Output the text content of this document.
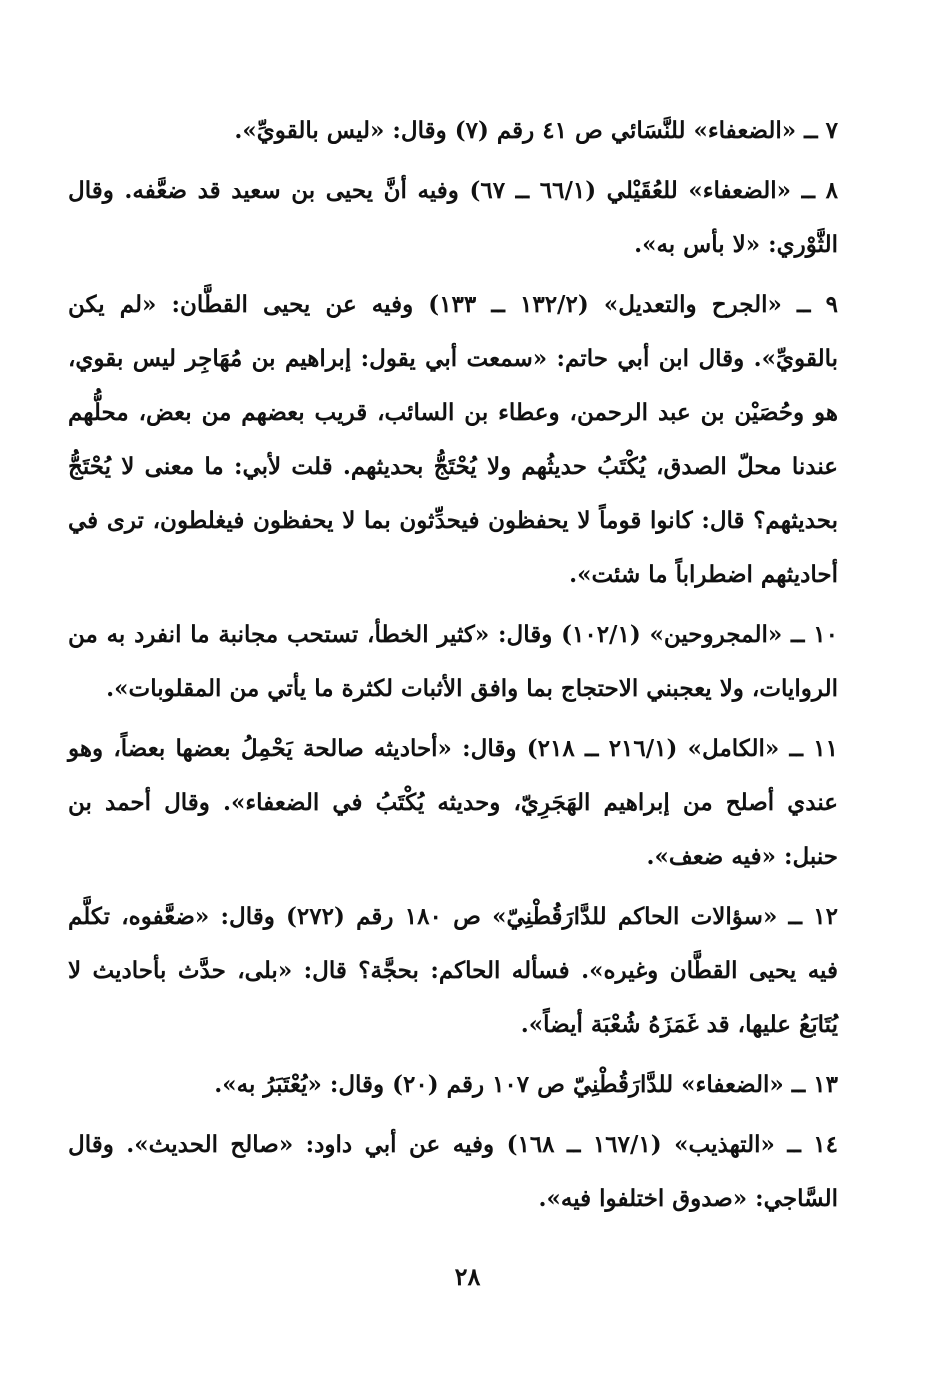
٧ ــ «الضعفاء» للنَّسَائي ص ٤١ رقم (٧) وقال: «ليس بالقويِّ».

٨ ــ «الضعفاء» للعُقَيْلي (٦٦/١ ــ ٦٧) وفيه أنَّ يحيى بن سعيد قد ضعَّفه. وقال الثَّوْري: «لا بأس به».

٩ ــ «الجرح والتعديل» (١٣٢/٢ ــ ١٣٣) وفيه عن يحيى القطَّان: «لم يكن بالقويِّ». وقال ابن أبي حاتم: «سمعت أبي يقول: إبراهيم بن مُهَاجِر ليس بقوي، هو وحُصَيْن بن عبد الرحمن، وعطاء بن السائب، قريب بعضهم من بعض، محلُّهم عندنا محلّ الصدق، يُكْتَبُ حديثُهم ولا يُحْتَجُّ بحديثهم. قلت لأبي: ما معنى لا يُحْتَجُّ بحديثهم؟ قال: كانوا قوماً لا يحفظون فيحدِّثون بما لا يحفظون فيغلطون، ترى في أحاديثهم اضطراباً ما شئت».

١٠ ــ «المجروحين» (١٠٢/١) وقال: «كثير الخطأ، تستحب مجانبة ما انفرد به من الروايات، ولا يعجبني الاحتجاج بما وافق الأثبات لكثرة ما يأتي من المقلوبات».

١١ ــ «الكامل» (٢١٦/١ ــ ٢١٨) وقال: «أحاديثه صالحة يَحْمِلُ بعضها بعضاً، وهو عندي أصلح من إبراهيم الهَجَرِيّ، وحديثه يُكْتَبُ في الضعفاء». وقال أحمد بن حنبل: «فيه ضعف».

١٢ ــ «سؤالات الحاكم للدَّارَقُطْنِيّ» ص ١٨٠ رقم (٢٧٢) وقال: «ضعَّفوه، تكلَّم فيه يحيى القطَّان وغيره». فسأله الحاكم: بحجَّة؟ قال: «بلى، حدَّث بأحاديث لا يُتَابَعُ عليها، قد غَمَزَهُ شُعْبَة أيضاً».

١٣ ــ «الضعفاء» للدَّارَقُطْنِيّ ص ١٠٧ رقم (٢٠) وقال: «يُعْتَبَرُ به».

١٤ ــ «التهذيب» (١٦٧/١ ــ ١٦٨) وفيه عن أبي داود: «صالح الحديث». وقال السَّاجي: «صدوق اختلفوا فيه».

٢٨
